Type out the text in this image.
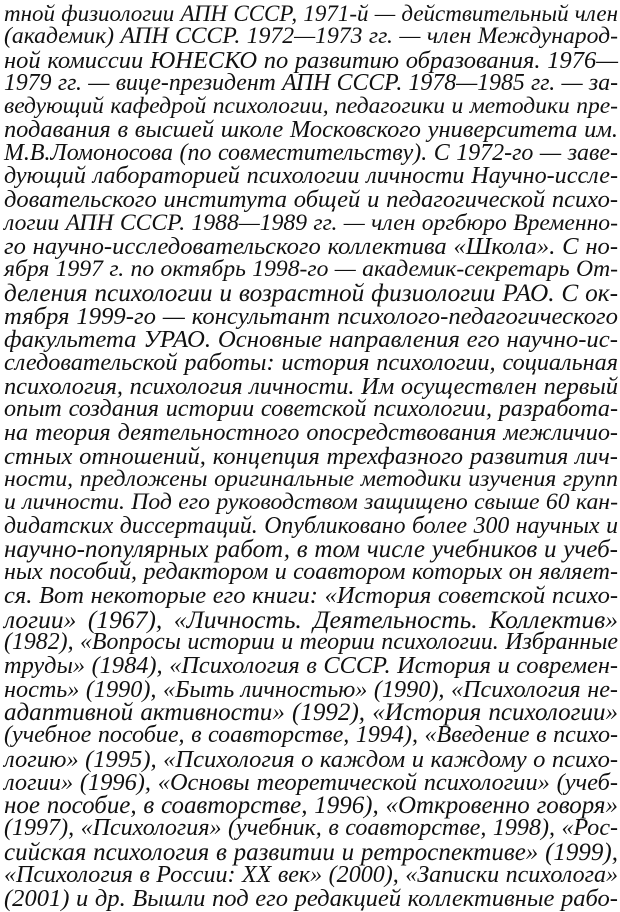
тной физиологии АПН СССР, 1971-й — действительный член
(академик) АПН СССР. 1972—1973 гг. — член Международ-
ной комиссии ЮНЕСКО по развитию образования. 1976—
1979 гг. — вице-президент АПН СССР. 1978—1985 гг. — за-
ведующий кафедрой психологии, педагогики и методики пре-
подавания в высшей школе Московского университета им.
М.В.Ломоносова (по совместительству). С 1972-го — заве-
дующий лабораторией психологии личности Научно-иссле-
довательского института общей и педагогической психо-
логии АПН СССР. 1988—1989 гг. — член оргбюро Временно-
го научно-исследовательского коллектива «Школа». С но-
ября 1997 г. по октябрь 1998-го — академик-секретарь От-
деления психологии и возрастной физиологии РАО. С ок-
тября 1999-го — консультант психолого-педагогического
факультета УРАО. Основные направления его научно-ис-
следовательской работы: история психологии, социальная
психология, психология личности. Им осуществлен первый
опыт создания истории советской психологии, разработа-
на теория деятельностного опосредствования межличио-
стных отношений, концепция трехфазного развития лич-
ности, предложены оригинальные методики изучения групп
и личности. Под его руководством защищено свыше 60 кан-
дидатских диссертаций. Опубликовано более 300 научных и
научно-популярных работ, в том числе учебников и учеб-
ных пособий, редактором и соавтором которых он являет-
ся. Вот некоторые его книги: «История советской психо-
логии» (1967), «Личность. Деятельность. Коллектив»
(1982), «Вопросы истории и теории психологии. Избранные
труды» (1984), «Психология в СССР. История и современ-
ность» (1990), «Быть личностью» (1990), «Психология не-
адаптивной активности» (1992), «История психологии»
(учебное пособие, в соавторстве, 1994), «Введение в психо-
логию» (1995), «Психология о каждом и каждому о психо-
логии» (1996), «Основы теоретической психологии» (учеб-
ное пособие, в соавторстве, 1996), «Откровенно говоря»
(1997), «Психология» (учебник, в соавторстве, 1998), «Рос-
сийская психология в развитии и ретроспективе» (1999),
«Психология в России: XX век» (2000), «Записки психолога»
(2001) и др. Вышли под его редакцией коллективные рабо-
